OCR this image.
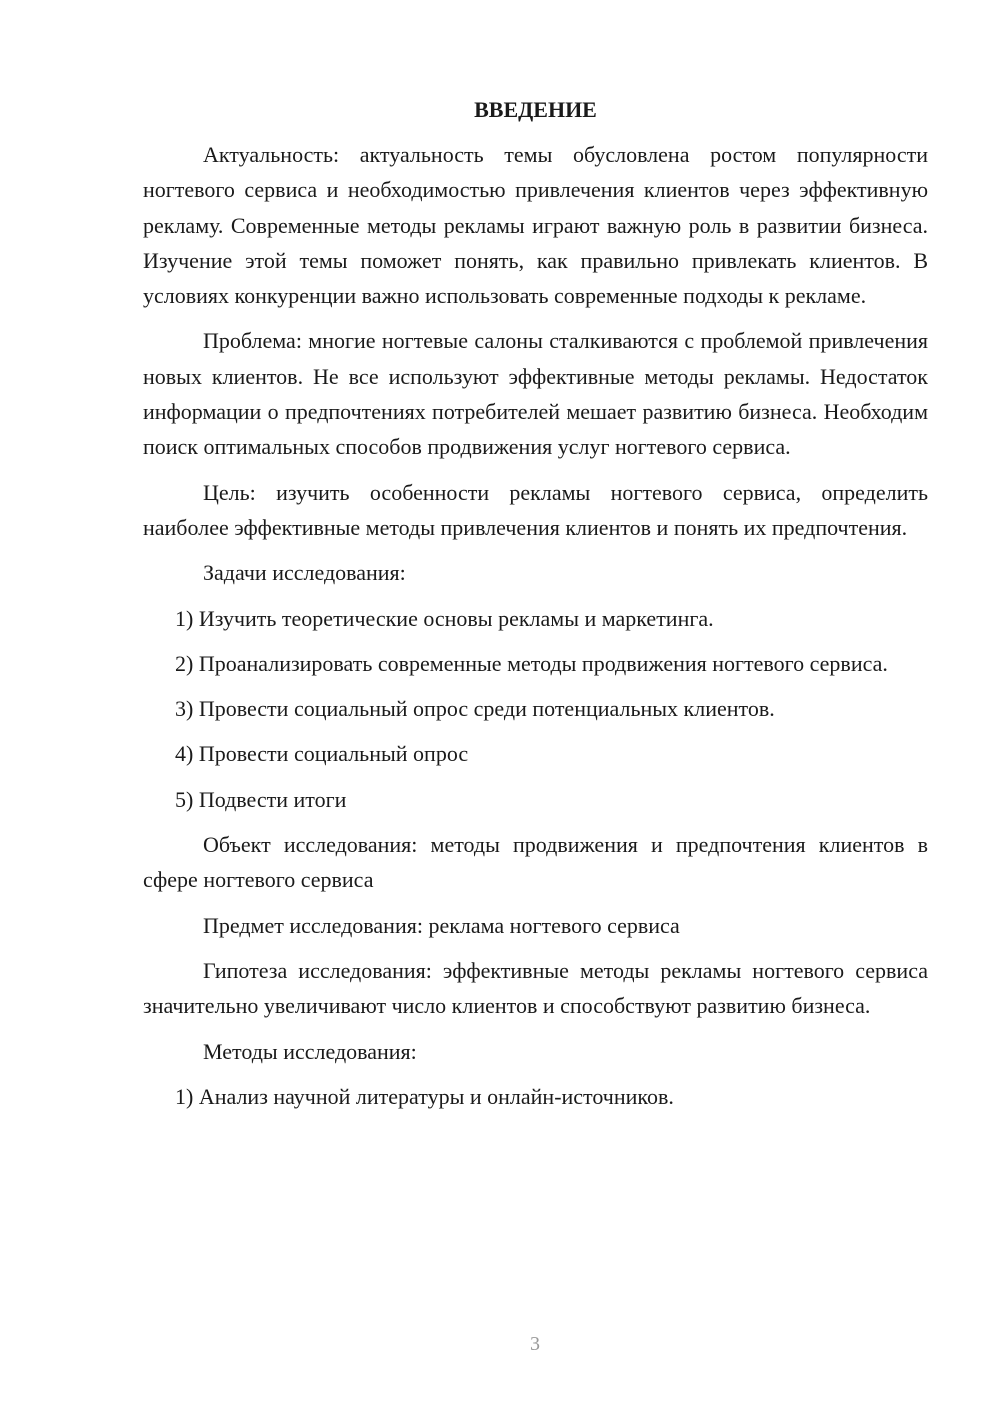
ВВЕДЕНИЕ

Актуальность: актуальность темы обусловлена ростом популярности ногтевого сервиса и необходимостью привлечения клиентов через эффективную рекламу. Современные методы рекламы играют важную роль в развитии бизнеса. Изучение этой темы поможет понять, как правильно привлекать клиентов. В условиях конкуренции важно использовать современные подходы к рекламе.

Проблема: многие ногтевые салоны сталкиваются с проблемой привлечения новых клиентов. Не все используют эффективные методы рекламы. Недостаток информации о предпочтениях потребителей мешает развитию бизнеса. Необходим поиск оптимальных способов продвижения услуг ногтевого сервиса.

Цель: изучить особенности рекламы ногтевого сервиса, определить наиболее эффективные методы привлечения клиентов и понять их предпочтения.

Задачи исследования:

1) Изучить теоретические основы рекламы и маркетинга.

2) Проанализировать современные методы продвижения ногтевого сервиса.

3) Провести социальный опрос среди потенциальных клиентов.

4) Провести социальный опрос

5) Подвести итоги

Объект исследования: методы продвижения и предпочтения клиентов в сфере ногтевого сервиса

Предмет исследования: реклама ногтевого сервиса

Гипотеза исследования: эффективные методы рекламы ногтевого сервиса значительно увеличивают число клиентов и способствуют развитию бизнеса.

Методы исследования:

1) Анализ научной литературы и онлайн-источников.

3
